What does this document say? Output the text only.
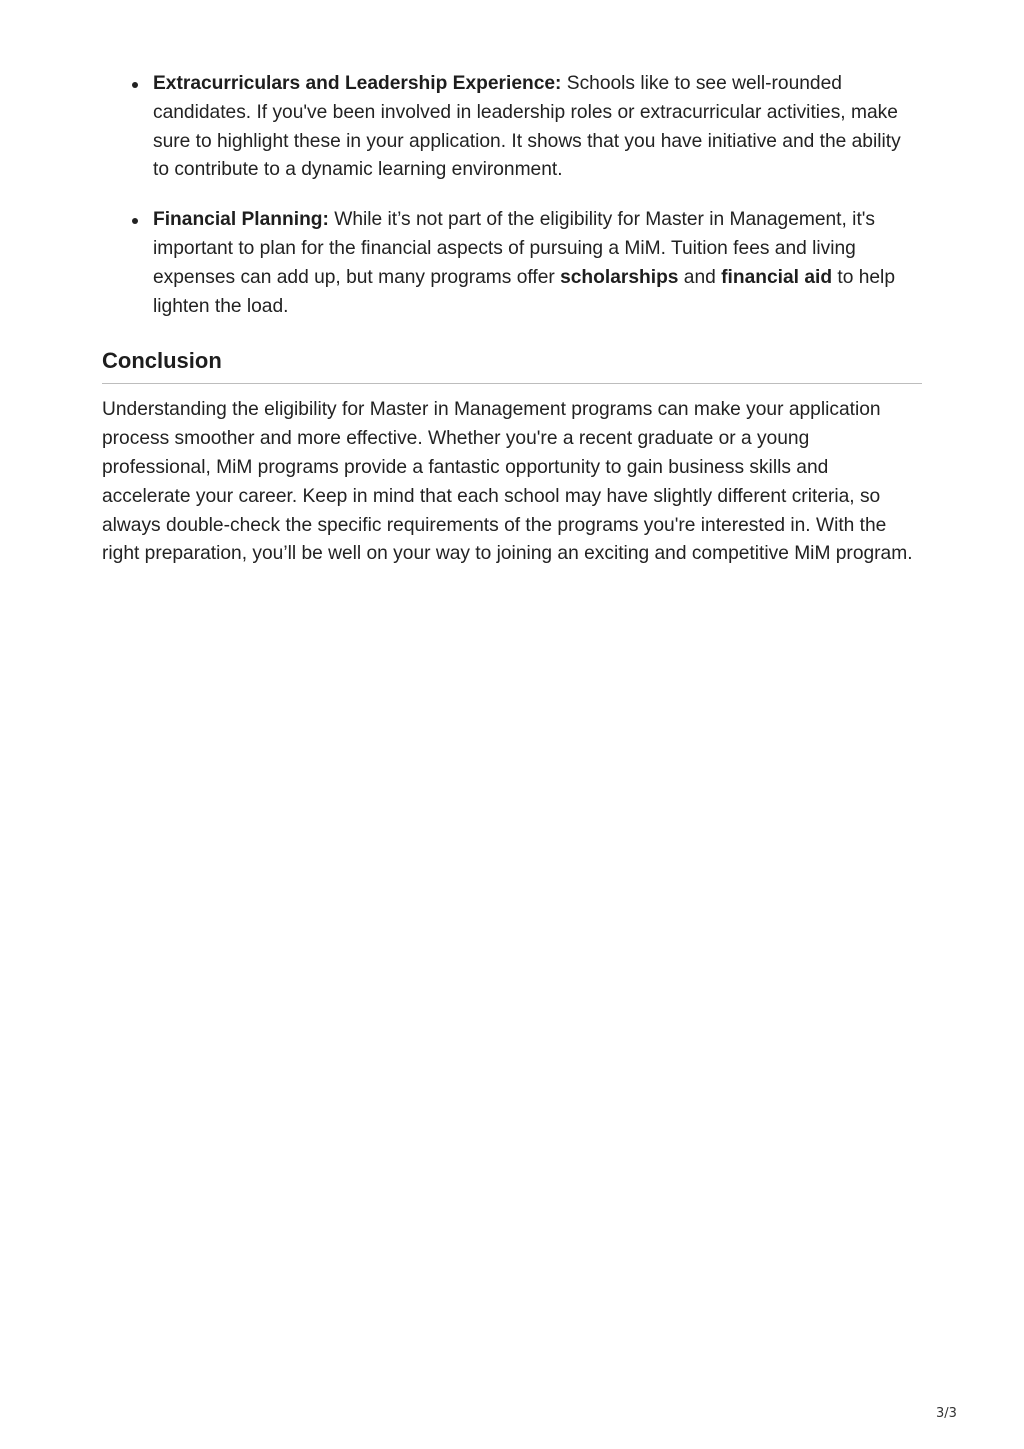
Extracurriculars and Leadership Experience: Schools like to see well-rounded candidates. If you've been involved in leadership roles or extracurricular activities, make sure to highlight these in your application. It shows that you have initiative and the ability to contribute to a dynamic learning environment.
Financial Planning: While it’s not part of the eligibility for Master in Management, it's important to plan for the financial aspects of pursuing a MiM. Tuition fees and living expenses can add up, but many programs offer scholarships and financial aid to help lighten the load.
Conclusion

Understanding the eligibility for Master in Management programs can make your application process smoother and more effective. Whether you're a recent graduate or a young professional, MiM programs provide a fantastic opportunity to gain business skills and accelerate your career. Keep in mind that each school may have slightly different criteria, so always double-check the specific requirements of the programs you're interested in. With the right preparation, you’ll be well on your way to joining an exciting and competitive MiM program.

3/3
